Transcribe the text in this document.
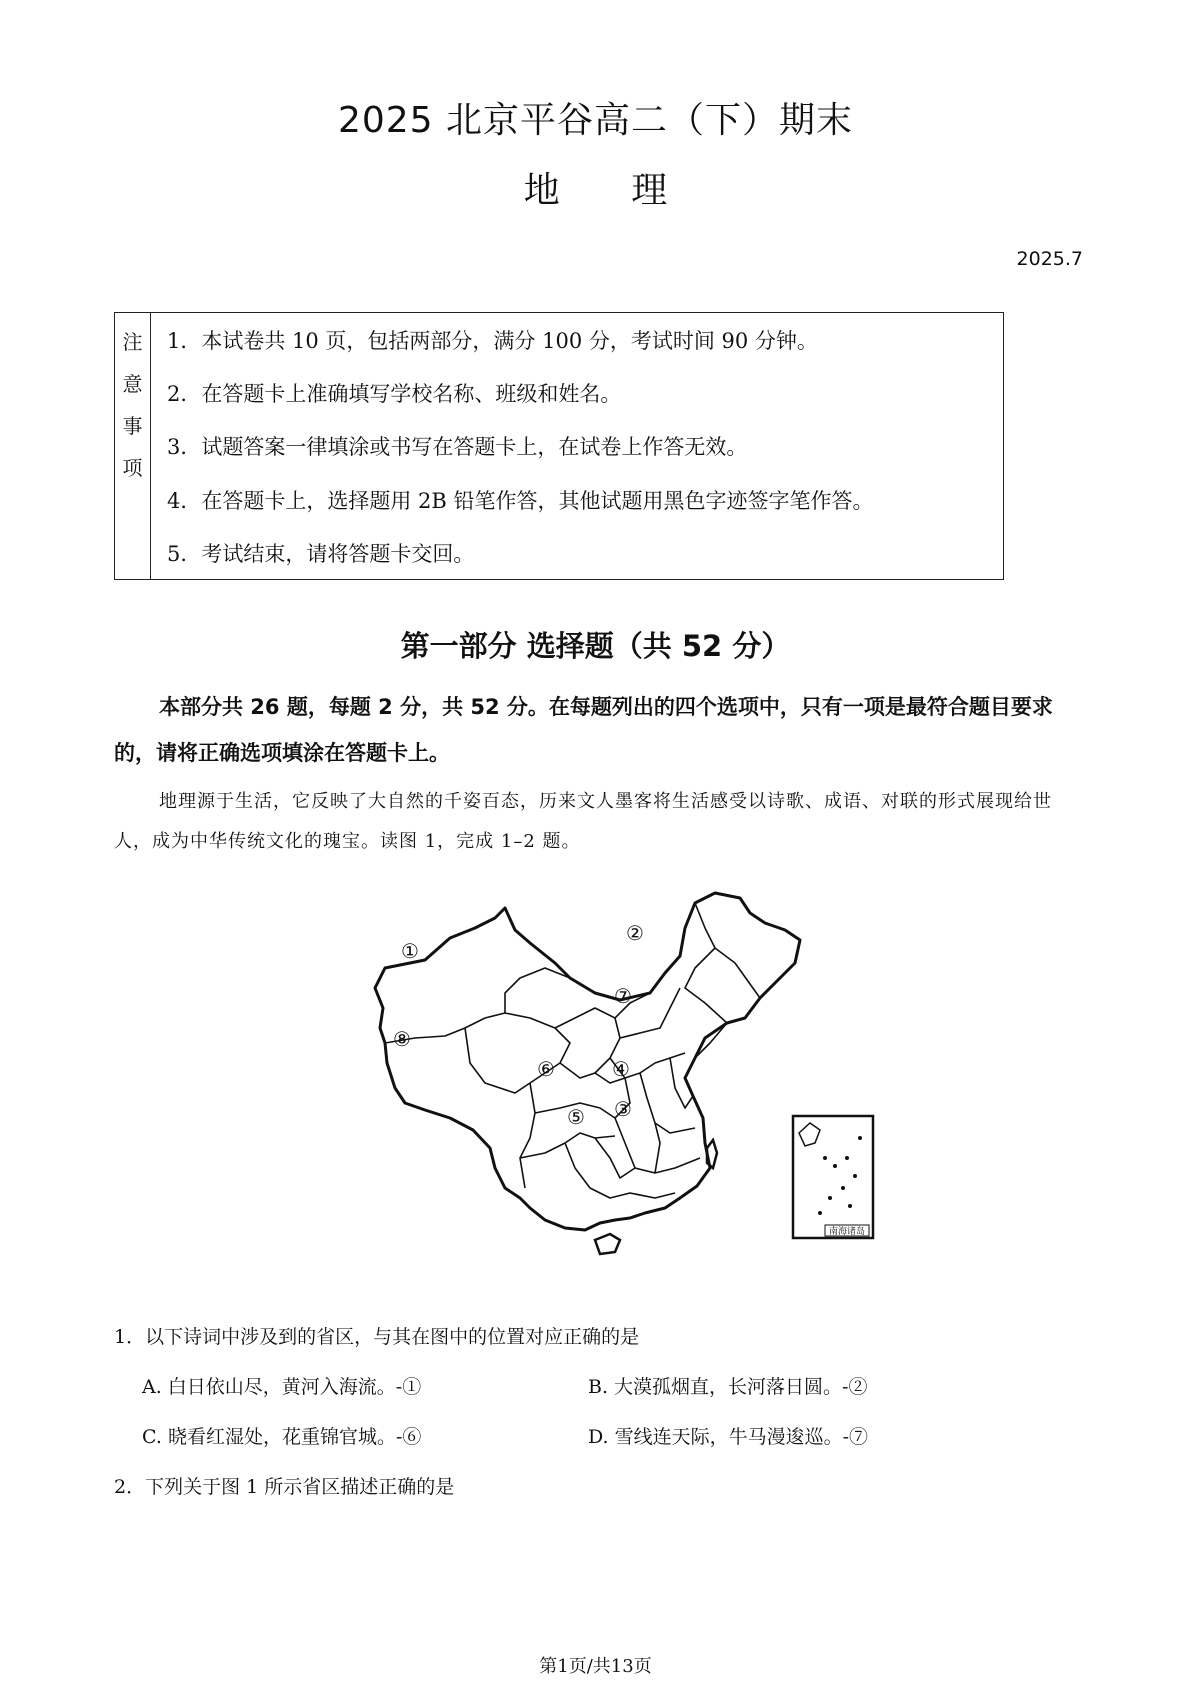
2025 北京平谷高二（下）期末
地 理
2025.7
注
意
事
项
1．本试卷共 10 页，包括两部分，满分 100 分，考试时间 90 分钟。
2．在答题卡上准确填写学校名称、班级和姓名。
3．试题答案一律填涂或书写在答题卡上，在试卷上作答无效。
4．在答题卡上，选择题用 2B 铅笔作答，其他试题用黑色字迹签字笔作答。
5．考试结束，请将答题卡交回。
第一部分 选择题（共 52 分）
本部分共 26 题，每题 2 分，共 52 分。在每题列出的四个选项中，只有一项是最符合题目要求的，请将正确选项填涂在答题卡上。
地理源于生活，它反映了大自然的千姿百态，历来文人墨客将生活感受以诗歌、成语、对联的形式展现给世人，成为中华传统文化的瑰宝。读图 1，完成 1–2 题。
①
②
③
④
⑤
⑥
⑦
⑧
南海诸岛
1．以下诗词中涉及到的省区，与其在图中的位置对应正确的是
A. 白日依山尽，黄河入海流。-①	B. 大漠孤烟直，长河落日圆。-②
C. 晓看红湿处，花重锦官城。-⑥	D. 雪线连天际，牛马漫逡巡。-⑦
2．下列关于图 1 所示省区描述正确的是
第1页/共13页
